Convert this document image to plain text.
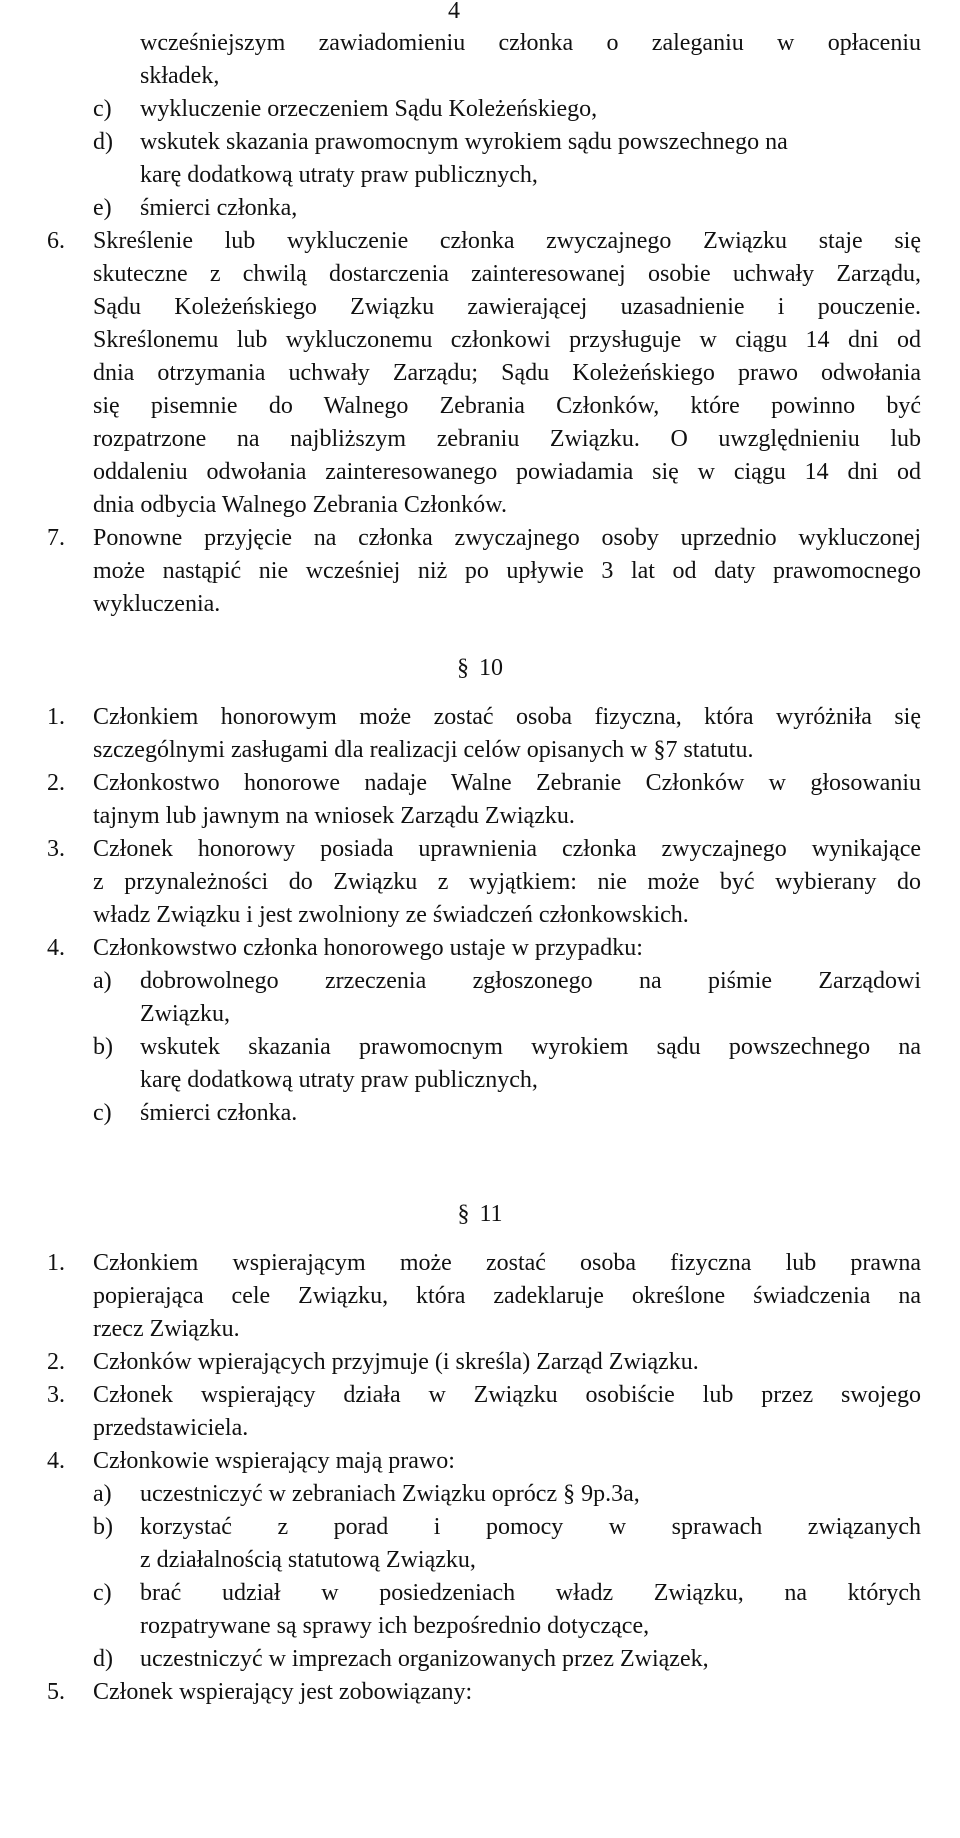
4
wcześniejszym zawiadomieniu członka o zaleganiu w opłaceniu
składek,
c) wykluczenie orzeczeniem Sądu Koleżeńskiego,
d) wskutek skazania prawomocnym wyrokiem sądu powszechnego na
karę dodatkową utraty praw publicznych,
e) śmierci członka,
6. Skreślenie lub wykluczenie członka zwyczajnego Związku staje się
skuteczne z chwilą dostarczenia zainteresowanej osobie uchwały Zarządu,
Sądu Koleżeńskiego Związku zawierającej uzasadnienie i pouczenie.
Skreślonemu lub wykluczonemu członkowi przysługuje w ciągu 14 dni od
dnia otrzymania uchwały Zarządu; Sądu Koleżeńskiego prawo odwołania
się pisemnie do Walnego Zebrania Członków, które powinno być
rozpatrzone na najbliższym zebraniu Związku. O uwzględnieniu lub
oddaleniu odwołania zainteresowanego powiadamia się w ciągu 14 dni od
dnia odbycia Walnego Zebrania Członków.
7. Ponowne przyjęcie na członka zwyczajnego osoby uprzednio wykluczonej
może nastąpić nie wcześniej niż po upływie 3 lat od daty prawomocnego
wykluczenia.
§ 10
1. Członkiem honorowym może zostać osoba fizyczna, która wyróżniła się
szczególnymi zasługami dla realizacji celów opisanych w §7 statutu.
2. Członkostwo honorowe nadaje Walne Zebranie Członków w głosowaniu
tajnym lub jawnym na wniosek Zarządu Związku.
3. Członek honorowy posiada uprawnienia członka zwyczajnego wynikające
z przynależności do Związku z wyjątkiem: nie może być wybierany do
władz Związku i jest zwolniony ze świadczeń członkowskich.
4. Członkowstwo członka honorowego ustaje w przypadku:
a) dobrowolnego zrzeczenia zgłoszonego na piśmie Zarządowi
Związku,
b) wskutek skazania prawomocnym wyrokiem sądu powszechnego na
karę dodatkową utraty praw publicznych,
c) śmierci członka.
§ 11
1. Członkiem wspierającym może zostać osoba fizyczna lub prawna
popierająca cele Związku, która zadeklaruje określone świadczenia na
rzecz Związku.
2. Członków wpierających przyjmuje (i skreśla) Zarząd Związku.
3. Członek wspierający działa w Związku osobiście lub przez swojego
przedstawiciela.
4. Członkowie wspierający mają prawo:
a) uczestniczyć w zebraniach Związku oprócz § 9p.3a,
b) korzystać z porad i pomocy w sprawach związanych
z działalnością statutową Związku,
c) brać udział w posiedzeniach władz Związku, na których
rozpatrywane są sprawy ich bezpośrednio dotyczące,
d) uczestniczyć w imprezach organizowanych przez Związek,
5. Członek wspierający jest zobowiązany:
